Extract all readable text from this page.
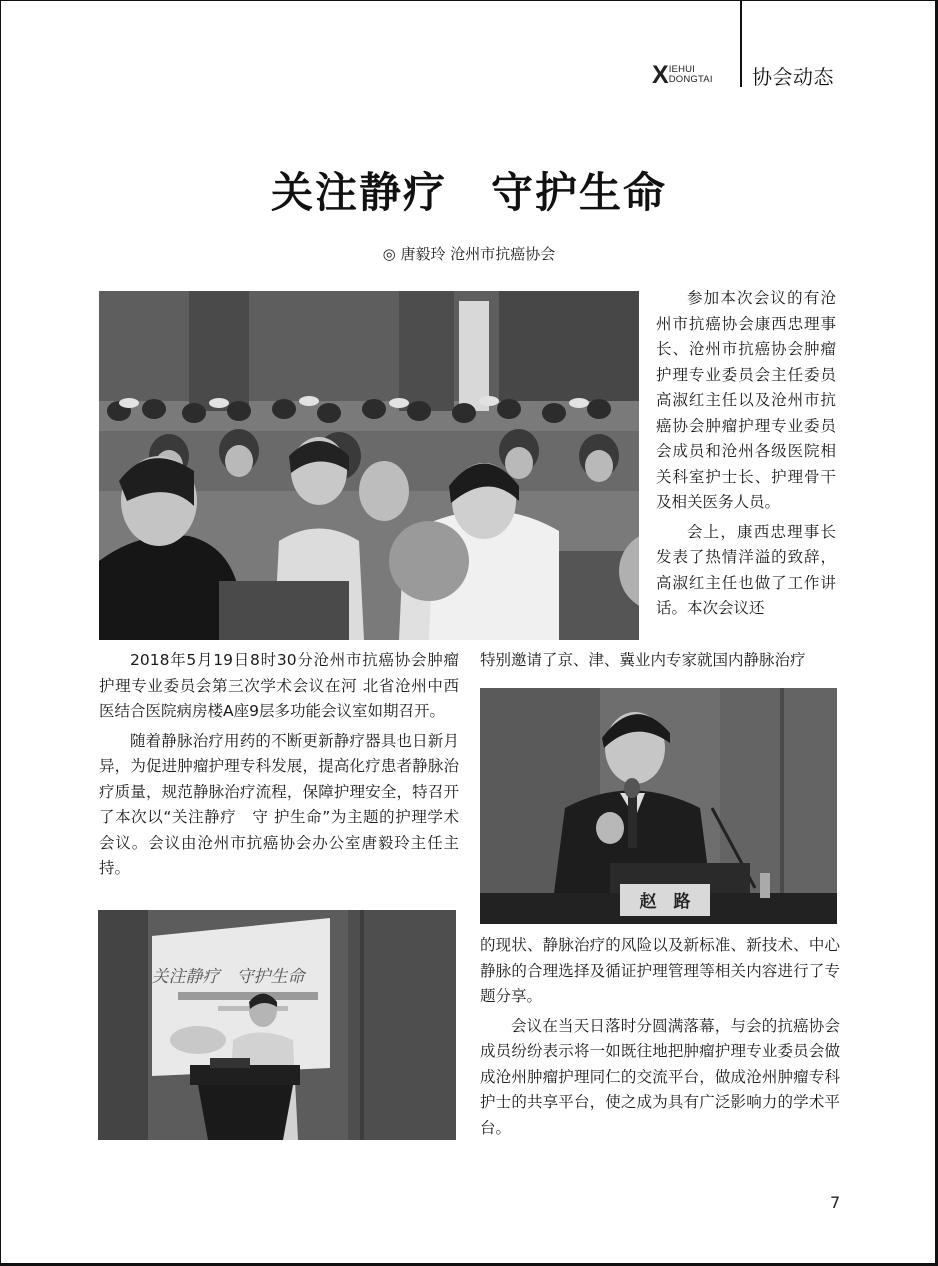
X IEHUI
DONGTAI 协会动态
关注静疗　守护生命
◎ 唐毅玲 沧州市抗癌协会

参加本次会议的有沧州市抗癌协会康西忠理事长、沧州市抗癌协会肿瘤护理专业委员会主任委员高淑红主任以及沧州市抗癌协会肿瘤护理专业委员会成员和沧州各级医院相关科室护士长、护理骨干及相关医务人员。

会上，康西忠理事长发表了热情洋溢的致辞，高淑红主任也做了工作讲话。本次会议还

特别邀请了京、津、冀业内专家就国内静脉治疗

2018年5月19日8时30分沧州市抗癌协会肿瘤护理专业委员会第三次学术会议在河 北省沧州中西医结合医院病房楼A座9层多功能会议室如期召开。

随着静脉治疗用药的不断更新静疗器具也日新月异，为促进肿瘤护理专科发展，提高化疗患者静脉治疗质量，规范静脉治疗流程，保障护理安全，特召开了本次以“关注静疗　守 护生命”为主题的护理学术会议。会议由沧州市抗癌协会办公室唐毅玲主任主持。

赵　路
关注静疗　守护生命

的现状、静脉治疗的风险以及新标准、新技术、中心静脉的合理选择及循证护理管理等相关内容进行了专题分享。

会议在当天日落时分圆满落幕，与会的抗癌协会成员纷纷表示将一如既往地把肿瘤护理专业委员会做成沧州肿瘤护理同仁的交流平台，做成沧州肿瘤专科护士的共享平台，使之成为具有广泛影响力的学术平台。

7
